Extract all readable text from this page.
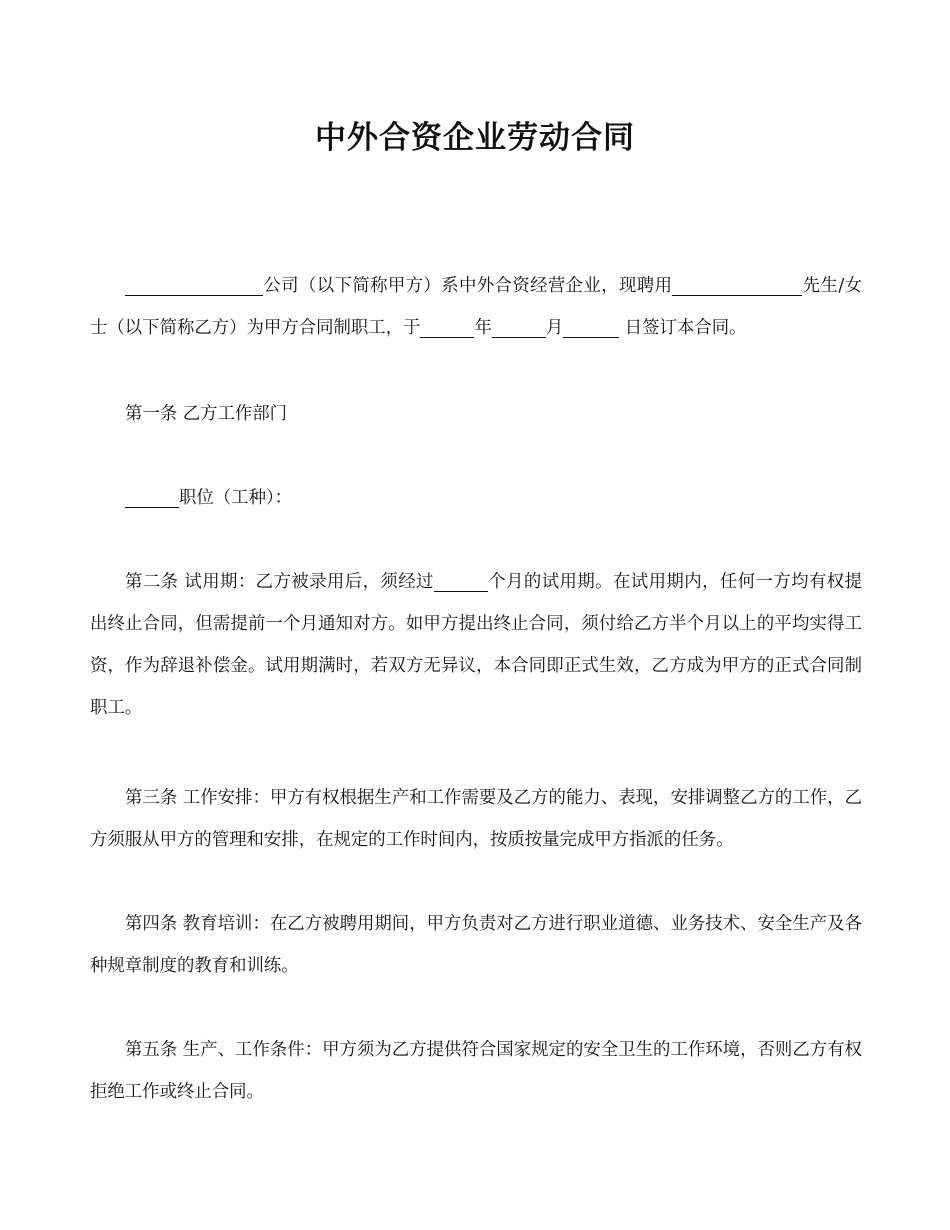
中外合资企业劳动合同

公司（以下简称甲方）系中外合资经营企业，现聘用	先生/女士（以下简称乙方）为甲方合同制职工，于	年	月	日签订本合同。

第一条 乙方工作部门

职位（工种）：

第二条 试用期：乙方被录用后，须经过	个月的试用期。在试用期内，任何一方均有权提出终止合同，但需提前一个月通知对方。如甲方提出终止合同，须付给乙方半个月以上的平均实得工资，作为辞退补偿金。试用期满时，若双方无异议，本合同即正式生效，乙方成为甲方的正式合同制职工。

第三条 工作安排：甲方有权根据生产和工作需要及乙方的能力、表现，安排调整乙方的工作，乙方须服从甲方的管理和安排，在规定的工作时间内，按质按量完成甲方指派的任务。

第四条 教育培训：在乙方被聘用期间，甲方负责对乙方进行职业道德、业务技术、安全生产及各种规章制度的教育和训练。

第五条 生产、工作条件：甲方须为乙方提供符合国家规定的安全卫生的工作环境，否则乙方有权拒绝工作或终止合同。
